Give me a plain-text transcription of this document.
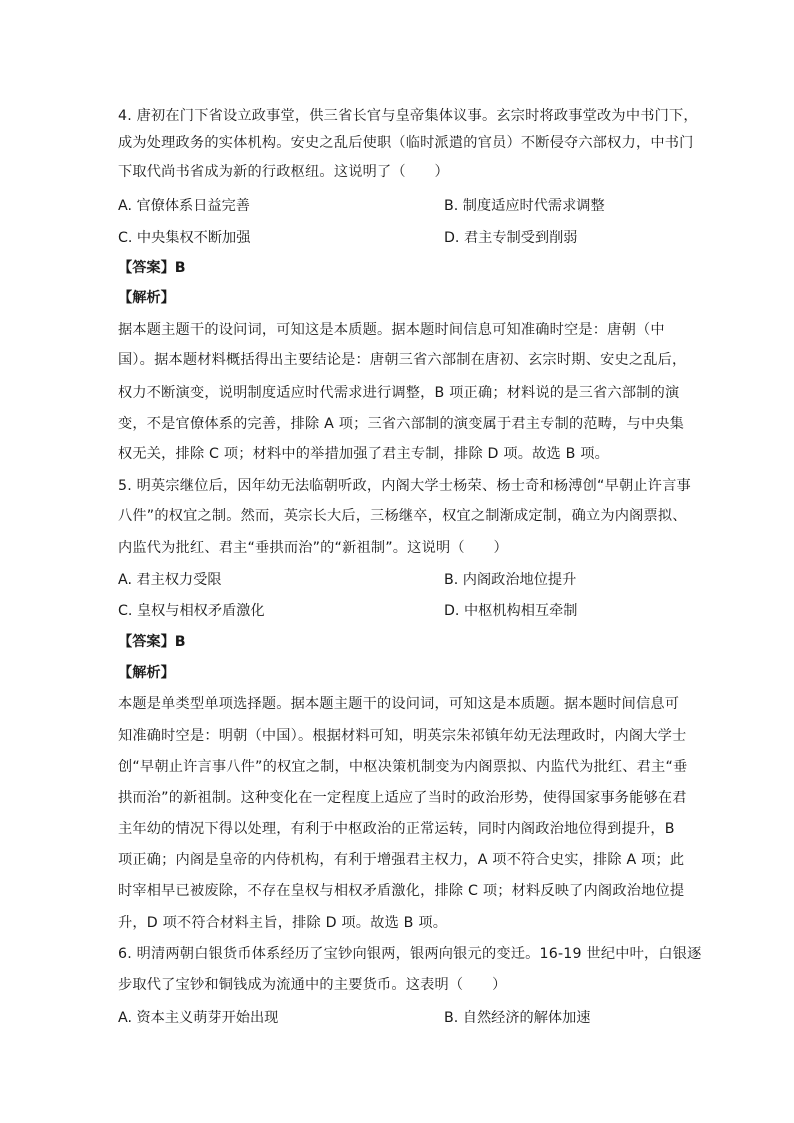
4. 唐初在门下省设立政事堂，供三省长官与皇帝集体议事。玄宗时将政事堂改为中书门下，
成为处理政务的实体机构。安史之乱后使职（临时派遣的官员）不断侵夺六部权力，中书门
下取代尚书省成为新的行政枢纽。这说明了（　　）
A. 官僚体系日益完善	B. 制度适应时代需求调整
C. 中央集权不断加强	D. 君主专制受到削弱
【答案】B
【解析】
据本题主题干的设问词，可知这是本质题。据本题时间信息可知准确时空是：唐朝（中
国）。据本题材料概括得出主要结论是：唐朝三省六部制在唐初、玄宗时期、安史之乱后，
权力不断演变，说明制度适应时代需求进行调整，B 项正确；材料说的是三省六部制的演
变，不是官僚体系的完善，排除 A 项；三省六部制的演变属于君主专制的范畴，与中央集
权无关，排除 C 项；材料中的举措加强了君主专制，排除 D 项。故选 B 项。
5. 明英宗继位后，因年幼无法临朝听政，内阁大学士杨荣、杨士奇和杨溥创“早朝止许言事
八件”的权宜之制。然而，英宗长大后，三杨继卒，权宜之制渐成定制，确立为内阁票拟、
内监代为批红、君主“垂拱而治”的“新祖制”。这说明（　　）
A. 君主权力受限	B. 内阁政治地位提升
C. 皇权与相权矛盾激化	D. 中枢机构相互牵制
【答案】B
【解析】
本题是单类型单项选择题。据本题主题干的设问词，可知这是本质题。据本题时间信息可
知准确时空是：明朝（中国）。根据材料可知，明英宗朱祁镇年幼无法理政时，内阁大学士
创“早朝止许言事八件”的权宜之制，中枢决策机制变为内阁票拟、内监代为批红、君主“垂
拱而治”的新祖制。这种变化在一定程度上适应了当时的政治形势，使得国家事务能够在君
主年幼的情况下得以处理，有利于中枢政治的正常运转，同时内阁政治地位得到提升，B
项正确；内阁是皇帝的内侍机构，有利于增强君主权力，A 项不符合史实，排除 A 项；此
时宰相早已被废除，不存在皇权与相权矛盾激化，排除 C 项；材料反映了内阁政治地位提
升，D 项不符合材料主旨，排除 D 项。故选 B 项。
6. 明清两朝白银货币体系经历了宝钞向银两，银两向银元的变迁。16-19 世纪中叶，白银逐
步取代了宝钞和铜钱成为流通中的主要货币。这表明（　　）
A. 资本主义萌芽开始出现	B. 自然经济的解体加速
